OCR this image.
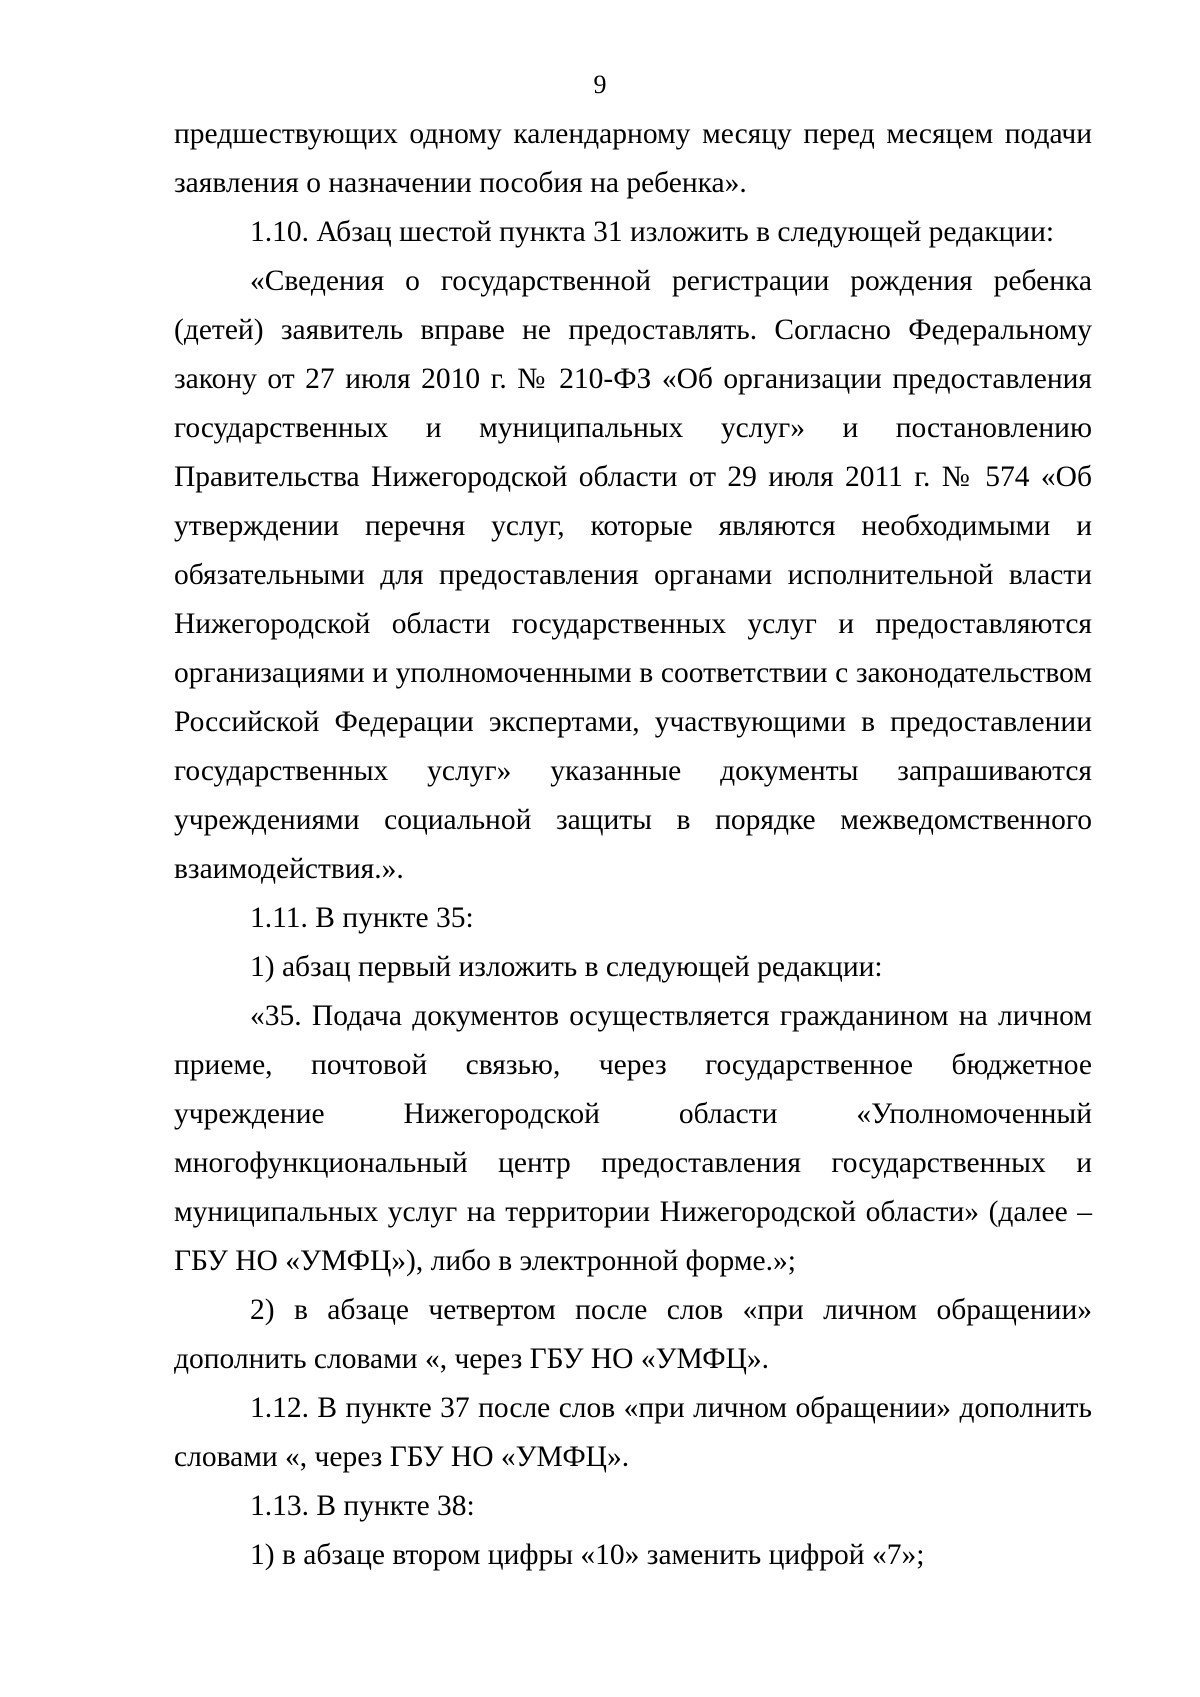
9

предшествующих одному календарному месяцу перед месяцем подачи заявления о назначении пособия на ребенка».

1.10. Абзац шестой пункта 31 изложить в следующей редакции:

«Сведения о государственной регистрации рождения ребенка (детей) заявитель вправе не предоставлять. Согласно Федеральному закону от 27 июля 2010 г. № 210-ФЗ «Об организации предоставления государственных и муниципальных услуг» и постановлению Правительства Нижегородской области от 29 июля 2011 г. № 574 «Об утверждении перечня услуг, которые являются необходимыми и обязательными для предоставления органами исполнительной власти Нижегородской области государственных услуг и предоставляются организациями и уполномоченными в соответствии с законодательством Российской Федерации экспертами, участвующими в предоставлении государственных услуг» указанные документы запрашиваются учреждениями социальной защиты в порядке межведомственного взаимодействия.».

1.11. В пункте 35:

1) абзац первый изложить в следующей редакции:

«35. Подача документов осуществляется гражданином на личном приеме, почтовой связью, через государственное бюджетное учреждение Нижегородской области «Уполномоченный многофункциональный центр предоставления государственных и муниципальных услуг на территории Нижегородской области» (далее – ГБУ НО «УМФЦ»), либо в электронной форме.»;

2) в абзаце четвертом после слов «при личном обращении» дополнить словами «, через ГБУ НО «УМФЦ».

1.12. В пункте 37 после слов «при личном обращении» дополнить словами «, через ГБУ НО «УМФЦ».

1.13. В пункте 38:

1) в абзаце втором цифры «10» заменить цифрой «7»;
